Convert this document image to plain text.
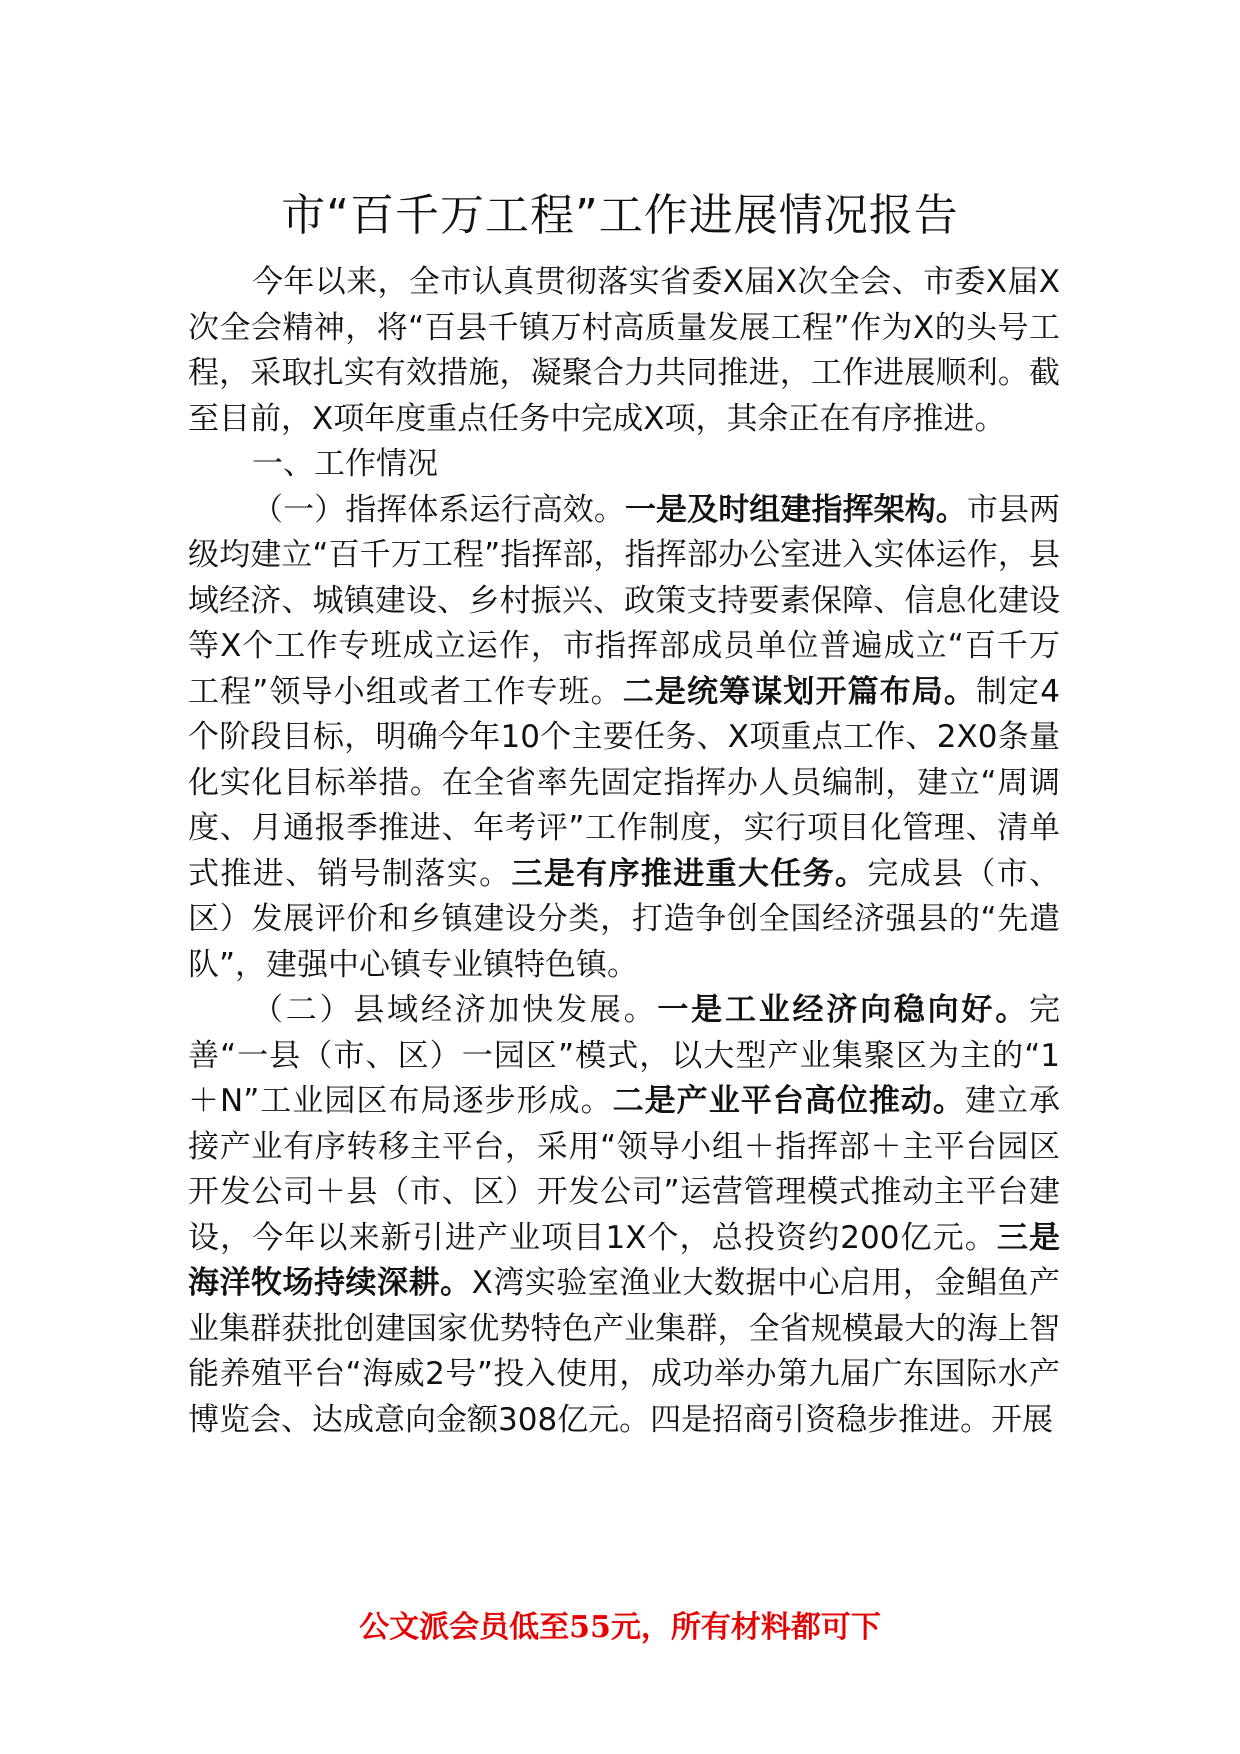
市“百千万工程”工作进展情况报告

今年以来，全市认真贯彻落实省委X届X次全会、市委X届X次全会精神，将“百县千镇万村高质量发展工程”作为X的头号工程，采取扎实有效措施，凝聚合力共同推进，工作进展顺利。截至目前，X项年度重点任务中完成X项，其余正在有序推进。

一、工作情况

（一）指挥体系运行高效。一是及时组建指挥架构。市县两级均建立“百千万工程”指挥部，指挥部办公室进入实体运作，县域经济、城镇建设、乡村振兴、政策支持要素保障、信息化建设等X个工作专班成立运作，市指挥部成员单位普遍成立“百千万工程”领导小组或者工作专班。二是统筹谋划开篇布局。制定4个阶段目标，明确今年10个主要任务、X项重点工作、2X0条量化实化目标举措。在全省率先固定指挥办人员编制，建立“周调度、月通报季推进、年考评”工作制度，实行项目化管理、清单式推进、销号制落实。三是有序推进重大任务。完成县（市、区）发展评价和乡镇建设分类，打造争创全国经济强县的“先遣队”，建强中心镇专业镇特色镇。

（二）县域经济加快发展。一是工业经济向稳向好。完善“一县（市、区）一园区”模式，以大型产业集聚区为主的“1＋N”工业园区布局逐步形成。二是产业平台高位推动。建立承接产业有序转移主平台，采用“领导小组＋指挥部＋主平台园区开发公司＋县（市、区）开发公司”运营管理模式推动主平台建设，今年以来新引进产业项目1X个，总投资约200亿元。三是海洋牧场持续深耕。X湾实验室渔业大数据中心启用，金鲳鱼产业集群获批创建国家优势特色产业集群，全省规模最大的海上智能养殖平台“海威2号”投入使用，成功举办第九届广东国际水产博览会、达成意向金额308亿元。四是招商引资稳步推进。开展

公文派会员低至55元，所有材料都可下
